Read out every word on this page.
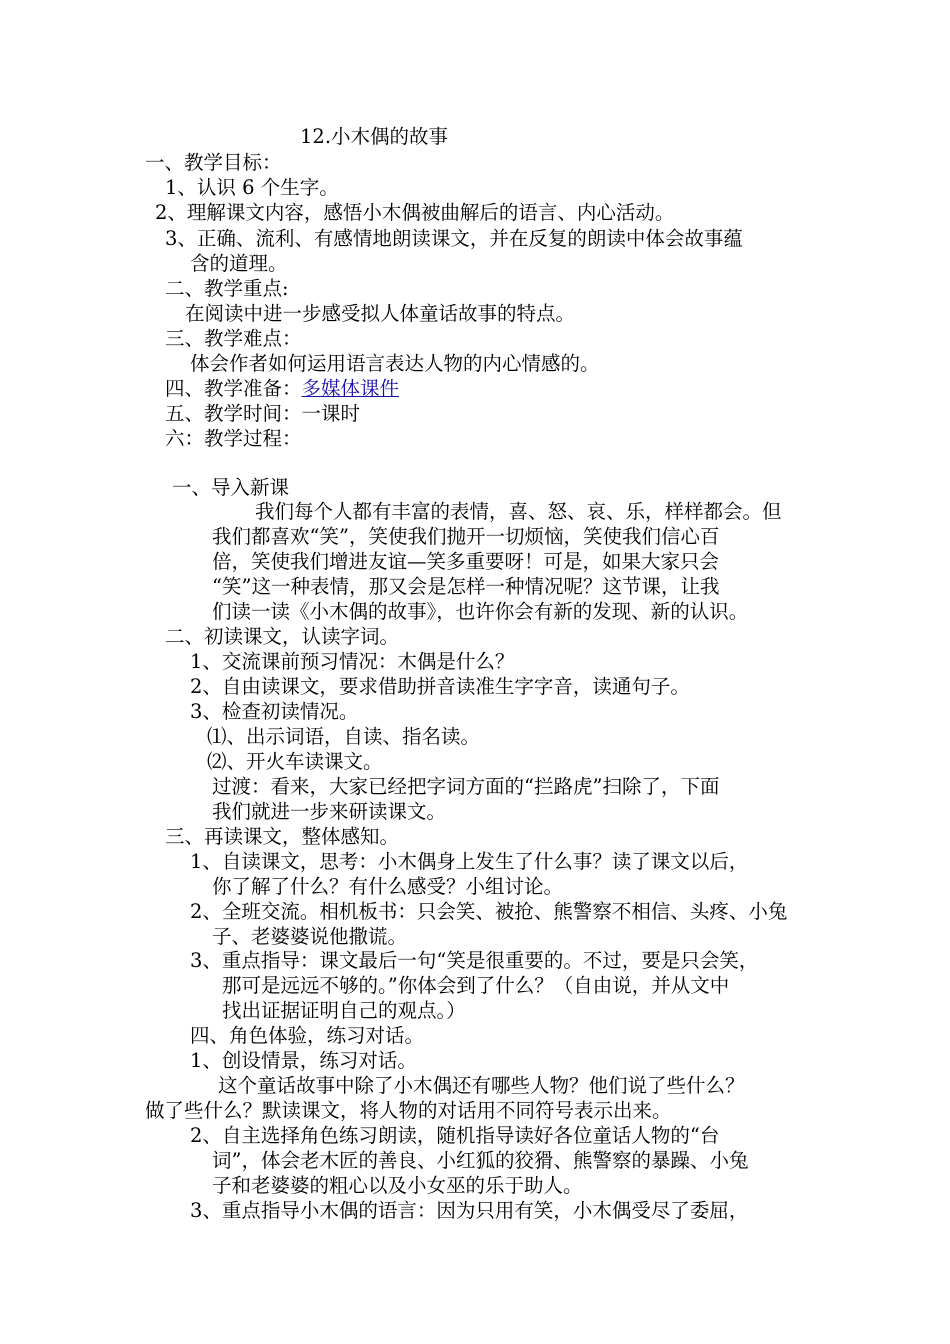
12.小木偶的故事
一、教学目标：
1、认识 6 个生字。
2、理解课文内容，感悟小木偶被曲解后的语言、内心活动。
3、正确、流利、有感情地朗读课文，并在反复的朗读中体会故事蕴
含的道理。
二、教学重点:
在阅读中进一步感受拟人体童话故事的特点。
三、教学难点：
体会作者如何运用语言表达人物的内心情感的。
四、教学准备：多媒体课件
五、教学时间：一课时
六：教学过程：
一、导入新课
我们每个人都有丰富的表情，喜、怒、哀、乐，样样都会。但
我们都喜欢“笑”，笑使我们抛开一切烦恼，笑使我们信心百
倍，笑使我们增进友谊—笑多重要呀！可是，如果大家只会
“笑”这一种表情，那又会是怎样一种情况呢？这节课，让我
们读一读《小木偶的故事》，也许你会有新的发现、新的认识。
二、初读课文，认读字词。
1、交流课前预习情况：木偶是什么？
2、自由读课文，要求借助拼音读准生字字音，读通句子。
3、检查初读情况。
⑴、出示词语，自读、指名读。
⑵、开火车读课文。
过渡：看来，大家已经把字词方面的“拦路虎”扫除了，下面
我们就进一步来研读课文。
三、再读课文，整体感知。
1、自读课文，思考：小木偶身上发生了什么事？读了课文以后，
你了解了什么？有什么感受？小组讨论。
2、全班交流。相机板书：只会笑、被抢、熊警察不相信、头疼、小兔
子、老婆婆说他撒谎。
3、重点指导：课文最后一句“笑是很重要的。不过，要是只会笑，
那可是远远不够的。”你体会到了什么？（自由说，并从文中
找出证据证明自己的观点。）
四、角色体验，练习对话。
1、创设情景，练习对话。
这个童话故事中除了小木偶还有哪些人物？他们说了些什么？
做了些什么？默读课文，将人物的对话用不同符号表示出来。
2、自主选择角色练习朗读，随机指导读好各位童话人物的“台
词”，体会老木匠的善良、小红狐的狡猾、熊警察的暴躁、小兔
子和老婆婆的粗心以及小女巫的乐于助人。
3、重点指导小木偶的语言：因为只用有笑，小木偶受尽了委屈，
